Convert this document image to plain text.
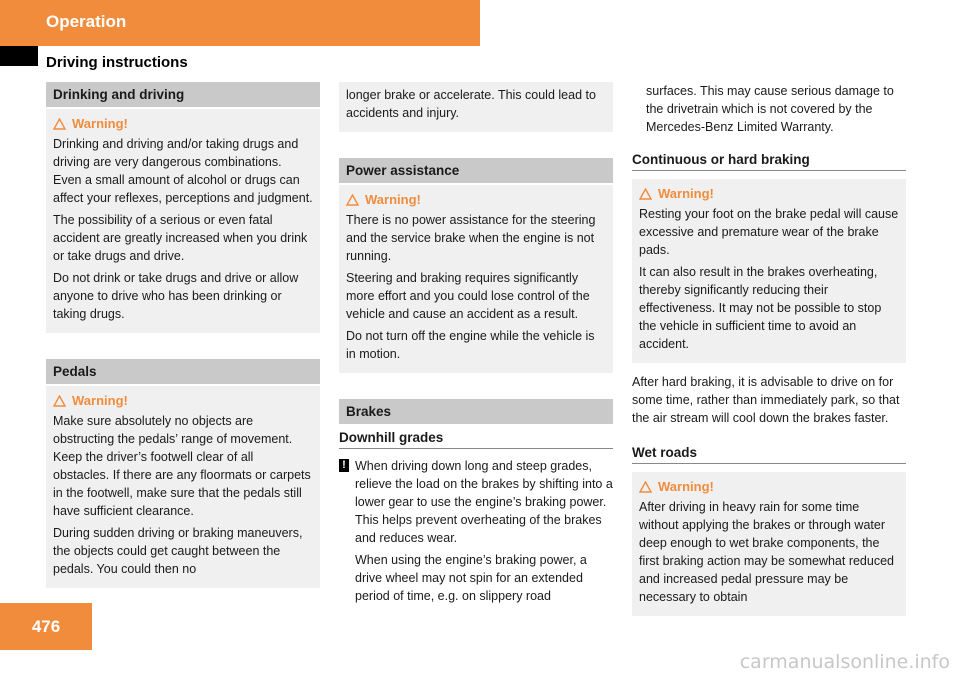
Operation
Driving instructions
Drinking and driving
Warning!

Drinking and driving and/or taking drugs and driving are very dangerous combinations. Even a small amount of alcohol or drugs can affect your reflexes, perceptions and judgment.

The possibility of a serious or even fatal accident are greatly increased when you drink or take drugs and drive.

Do not drink or take drugs and drive or allow anyone to drive who has been drinking or taking drugs.

Pedals
Warning!

Make sure absolutely no objects are obstructing the pedals’ range of movement. Keep the driver’s footwell clear of all obstacles. If there are any floormats or carpets in the footwell, make sure that the pedals still have sufficient clearance.

During sudden driving or braking maneuvers, the objects could get caught between the pedals. You could then no

longer brake or accelerate. This could lead to accidents and injury.

Power assistance
Warning!

There is no power assistance for the steering and the service brake when the engine is not running.

Steering and braking requires significantly more effort and you could lose control of the vehicle and cause an accident as a result.

Do not turn off the engine while the vehicle is in motion.

Brakes
Downhill grades
! When driving down long and steep grades, relieve the load on the brakes by shifting into a lower gear to use the engine’s braking power. This helps prevent overheating of the brakes and reduces wear.

When using the engine’s braking power, a drive wheel may not spin for an extended period of time, e.g. on slippery road

surfaces. This may cause serious damage to the drivetrain which is not covered by the Mercedes-Benz Limited Warranty.

Continuous or hard braking
Warning!

Resting your foot on the brake pedal will cause excessive and premature wear of the brake pads.

It can also result in the brakes overheating, thereby significantly reducing their effectiveness. It may not be possible to stop the vehicle in sufficient time to avoid an accident.

After hard braking, it is advisable to drive on for some time, rather than immediately park, so that the air stream will cool down the brakes faster.

Wet roads
Warning!

After driving in heavy rain for some time without applying the brakes or through water deep enough to wet brake components, the first braking action may be somewhat reduced and increased pedal pressure may be necessary to obtain

476
carmanualsonline.info
